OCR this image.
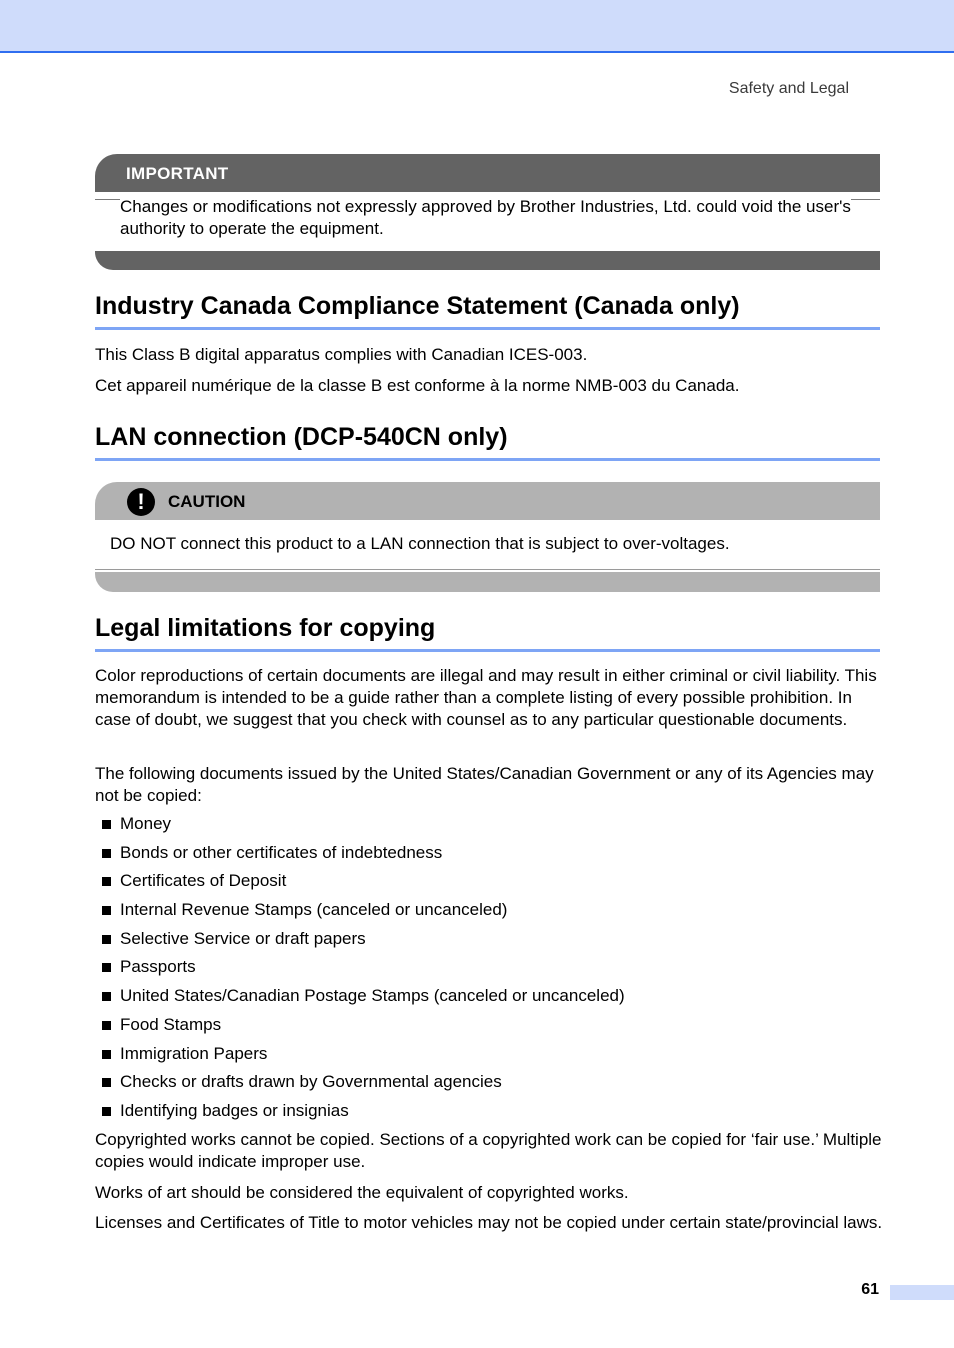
Safety and Legal
IMPORTANT
Changes or modifications not expressly approved by Brother Industries, Ltd. could void the user's authority to operate the equipment.
Industry Canada Compliance Statement (Canada only)
This Class B digital apparatus complies with Canadian ICES-003.
Cet appareil numérique de la classe B est conforme à la norme NMB-003 du Canada.
LAN connection (DCP-540CN only)
!	CAUTION
DO NOT connect this product to a LAN connection that is subject to over-voltages.
Legal limitations for copying
Color reproductions of certain documents are illegal and may result in either criminal or civil liability. This memorandum is intended to be a guide rather than a complete listing of every possible prohibition. In case of doubt, we suggest that you check with counsel as to any particular questionable documents.
The following documents issued by the United States/Canadian Government or any of its Agencies may not be copied:
Money
Bonds or other certificates of indebtedness
Certificates of Deposit
Internal Revenue Stamps (canceled or uncanceled)
Selective Service or draft papers
Passports
United States/Canadian Postage Stamps (canceled or uncanceled)
Food Stamps
Immigration Papers
Checks or drafts drawn by Governmental agencies
Identifying badges or insignias
Copyrighted works cannot be copied. Sections of a copyrighted work can be copied for ‘fair use.’ Multiple copies would indicate improper use.
Works of art should be considered the equivalent of copyrighted works.
Licenses and Certificates of Title to motor vehicles may not be copied under certain state/provincial laws.
61
